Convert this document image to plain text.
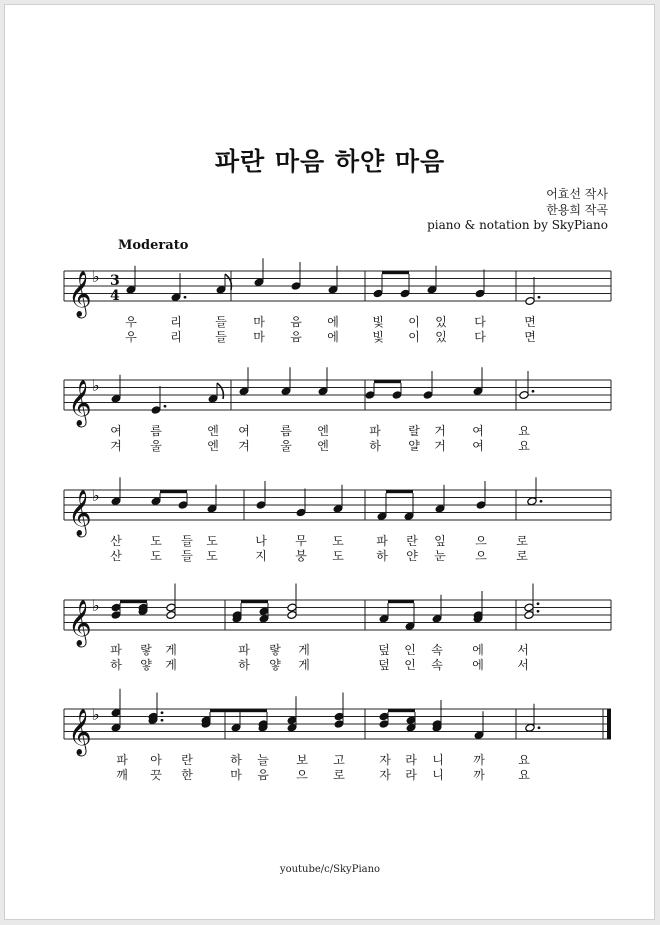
파란 마음 하얀 마음
어효선 작사
한용희 작곡
piano & notation by SkyPiano
Moderato
𝄞 ♭ 3
4
우	리	들 마 음 에	빛 이 있 다	면
우	리	들 마 음 에	빛 이 있 다	면
𝄞 ♭
여 름	엔 여	름 엔	파 랄 거 여	요
겨 울	엔 겨	울 엔	하 얄 거 여	요
𝄞 ♭
산 도 들 도	나 무 도	파 란 잎 으 로
산 도 들 도	지 붕 도	하 얀 눈 으 로
𝄞 ♭
파 랗 게	파 랗 게	덮 인 속 에	서
하 얗 게	하 얗 게	덮 인 속 에	서
𝄞 ♭
파 아 란	하 늘 보 고	자 라 니 까	요
깨 끗 한	마 음 으 로	자 라 니 까	요
youtube/c/SkyPiano
